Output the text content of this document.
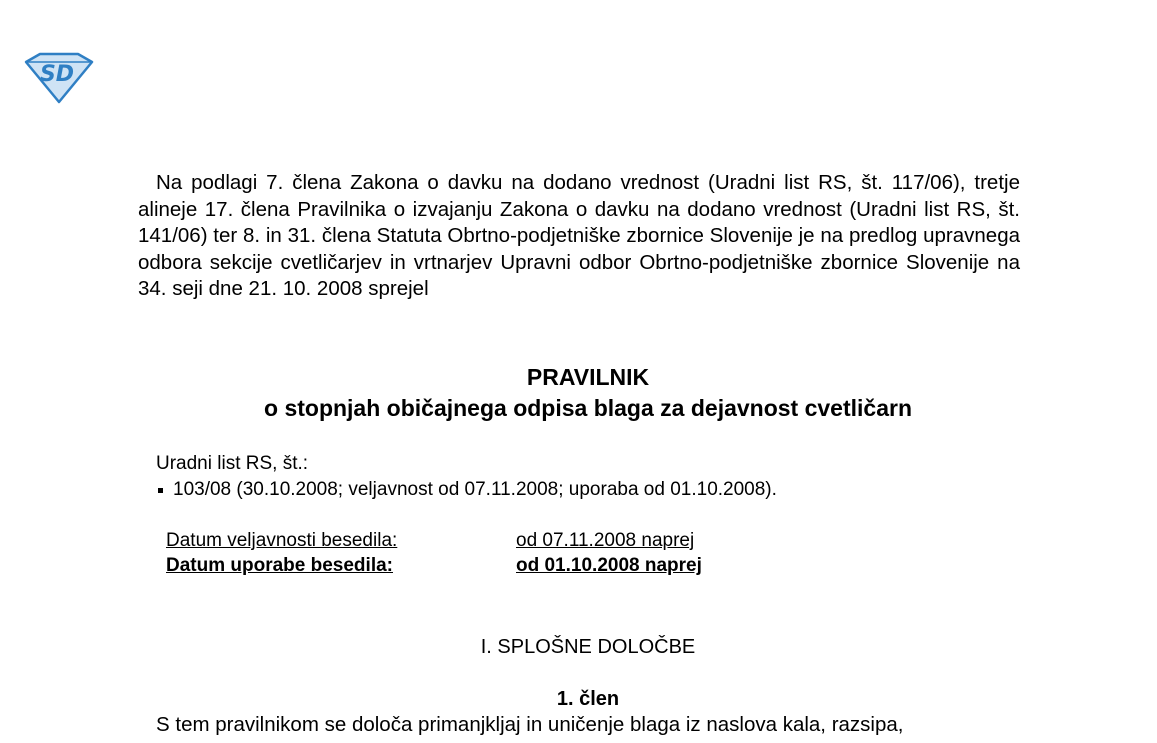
SD

Na podlagi 7. člena Zakona o davku na dodano vrednost (Uradni list RS, št. 117/06), tretje alineje 17. člena Pravilnika o izvajanju Zakona o davku na dodano vrednost (Uradni list RS, št. 141/06) ter 8. in 31. člena Statuta Obrtno-podjetniške zbornice Slovenije je na predlog upravnega odbora sekcije cvetličarjev in vrtnarjev Upravni odbor Obrtno-podjetniške zbornice Slovenije na 34. seji dne 21. 10. 2008 sprejel

PRAVILNIK
o stopnjah običajnega odpisa blaga za dejavnost cvetličarn
Uradni list RS, št.:
103/08 (30.10.2008; veljavnost od 07.11.2008; uporaba od 01.10.2008).
Datum veljavnosti besedila:	od 07.11.2008 naprej
Datum uporabe besedila:	od 01.10.2008 naprej
I. SPLOŠNE DOLOČBE
1. člen

S tem pravilnikom se določa primanjkljaj in uničenje blaga iz naslova kala, razsipa,
